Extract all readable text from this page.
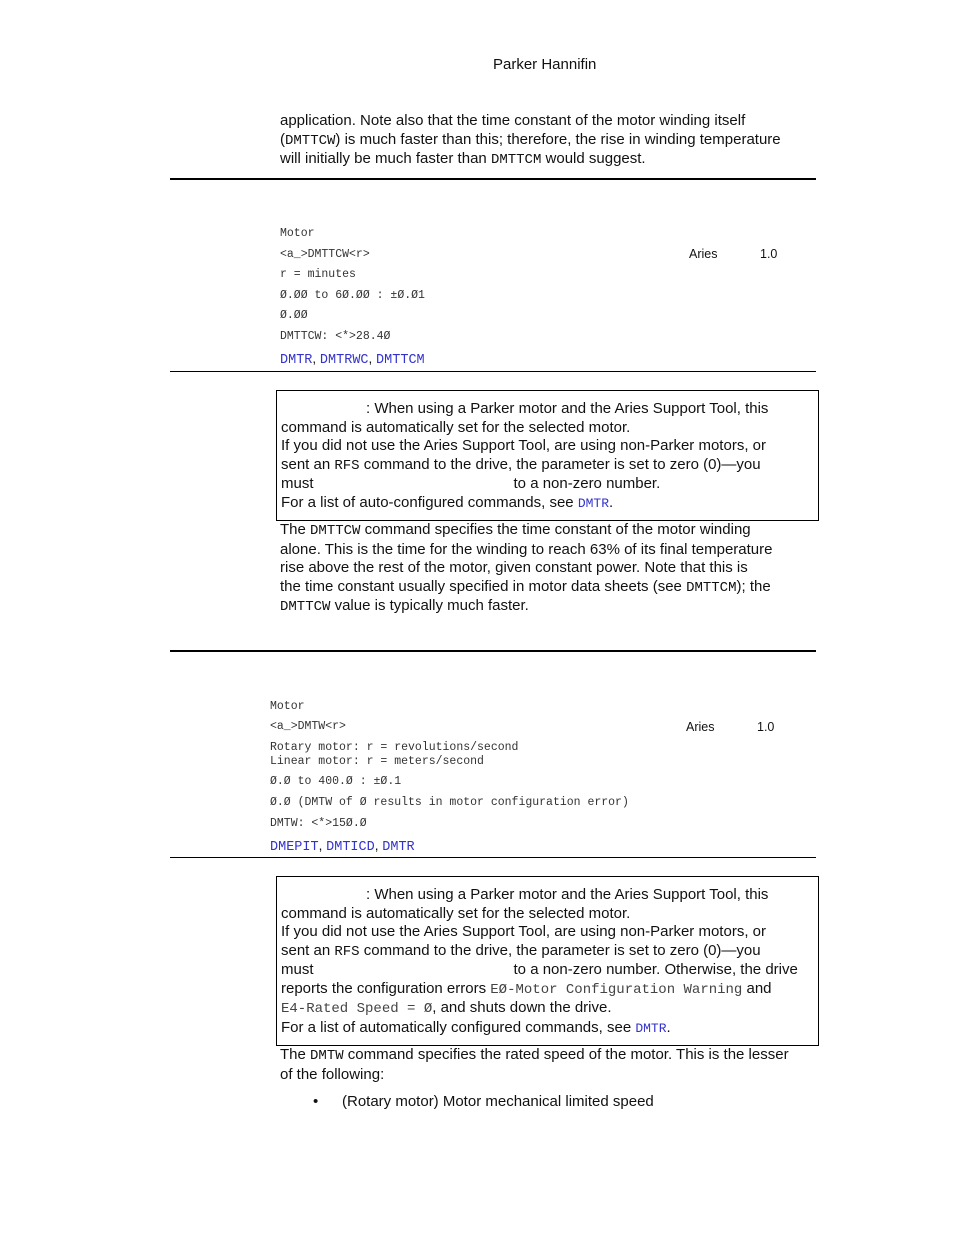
Parker Hannifin

application. Note also that the time constant of the motor winding itself

(DMTTCW) is much faster than this; therefore, the rise in winding temperature

will initially be much faster than DMTTCM would suggest.

Motor
<a_>DMTTCW<r>	Aries	1.0
r = minutes
Ø.ØØ to 6Ø.ØØ : ±Ø.Ø1
Ø.ØØ
DMTTCW: <*>28.4Ø
DMTR, DMTRWC, DMTTCM

: When using a Parker motor and the Aries Support Tool, this

command is automatically set for the selected motor.

If you did not use the Aries Support Tool, are using non-Parker motors, or

sent an RFS command to the drive, the parameter is set to zero (0)—you

must	to a non-zero number.

For a list of auto-configured commands, see DMTR.

The DMTTCW command specifies the time constant of the motor winding

alone. This is the time for the winding to reach 63% of its final temperature

rise above the rest of the motor, given constant power. Note that this is

the time constant usually specified in motor data sheets (see DMTTCM); the

DMTTCW value is typically much faster.

Motor
<a_>DMTW<r>	Aries	1.0
Rotary motor: r = revolutions/second
Linear motor: r = meters/second
Ø.Ø to 400.Ø : ±Ø.1
Ø.Ø (DMTW of Ø results in motor configuration error)
DMTW: <*>15Ø.Ø
DMEPIT, DMTICD, DMTR

: When using a Parker motor and the Aries Support Tool, this

command is automatically set for the selected motor.

If you did not use the Aries Support Tool, are using non-Parker motors, or

sent an RFS command to the drive, the parameter is set to zero (0)—you

must	to a non-zero number. Otherwise, the drive

reports the configuration errors EØ-Motor Configuration Warning and

E4-Rated Speed = Ø, and shuts down the drive.

For a list of automatically configured commands, see DMTR.

The DMTW command specifies the rated speed of the motor. This is the lesser

of the following:

• (Rotary motor) Motor mechanical limited speed
